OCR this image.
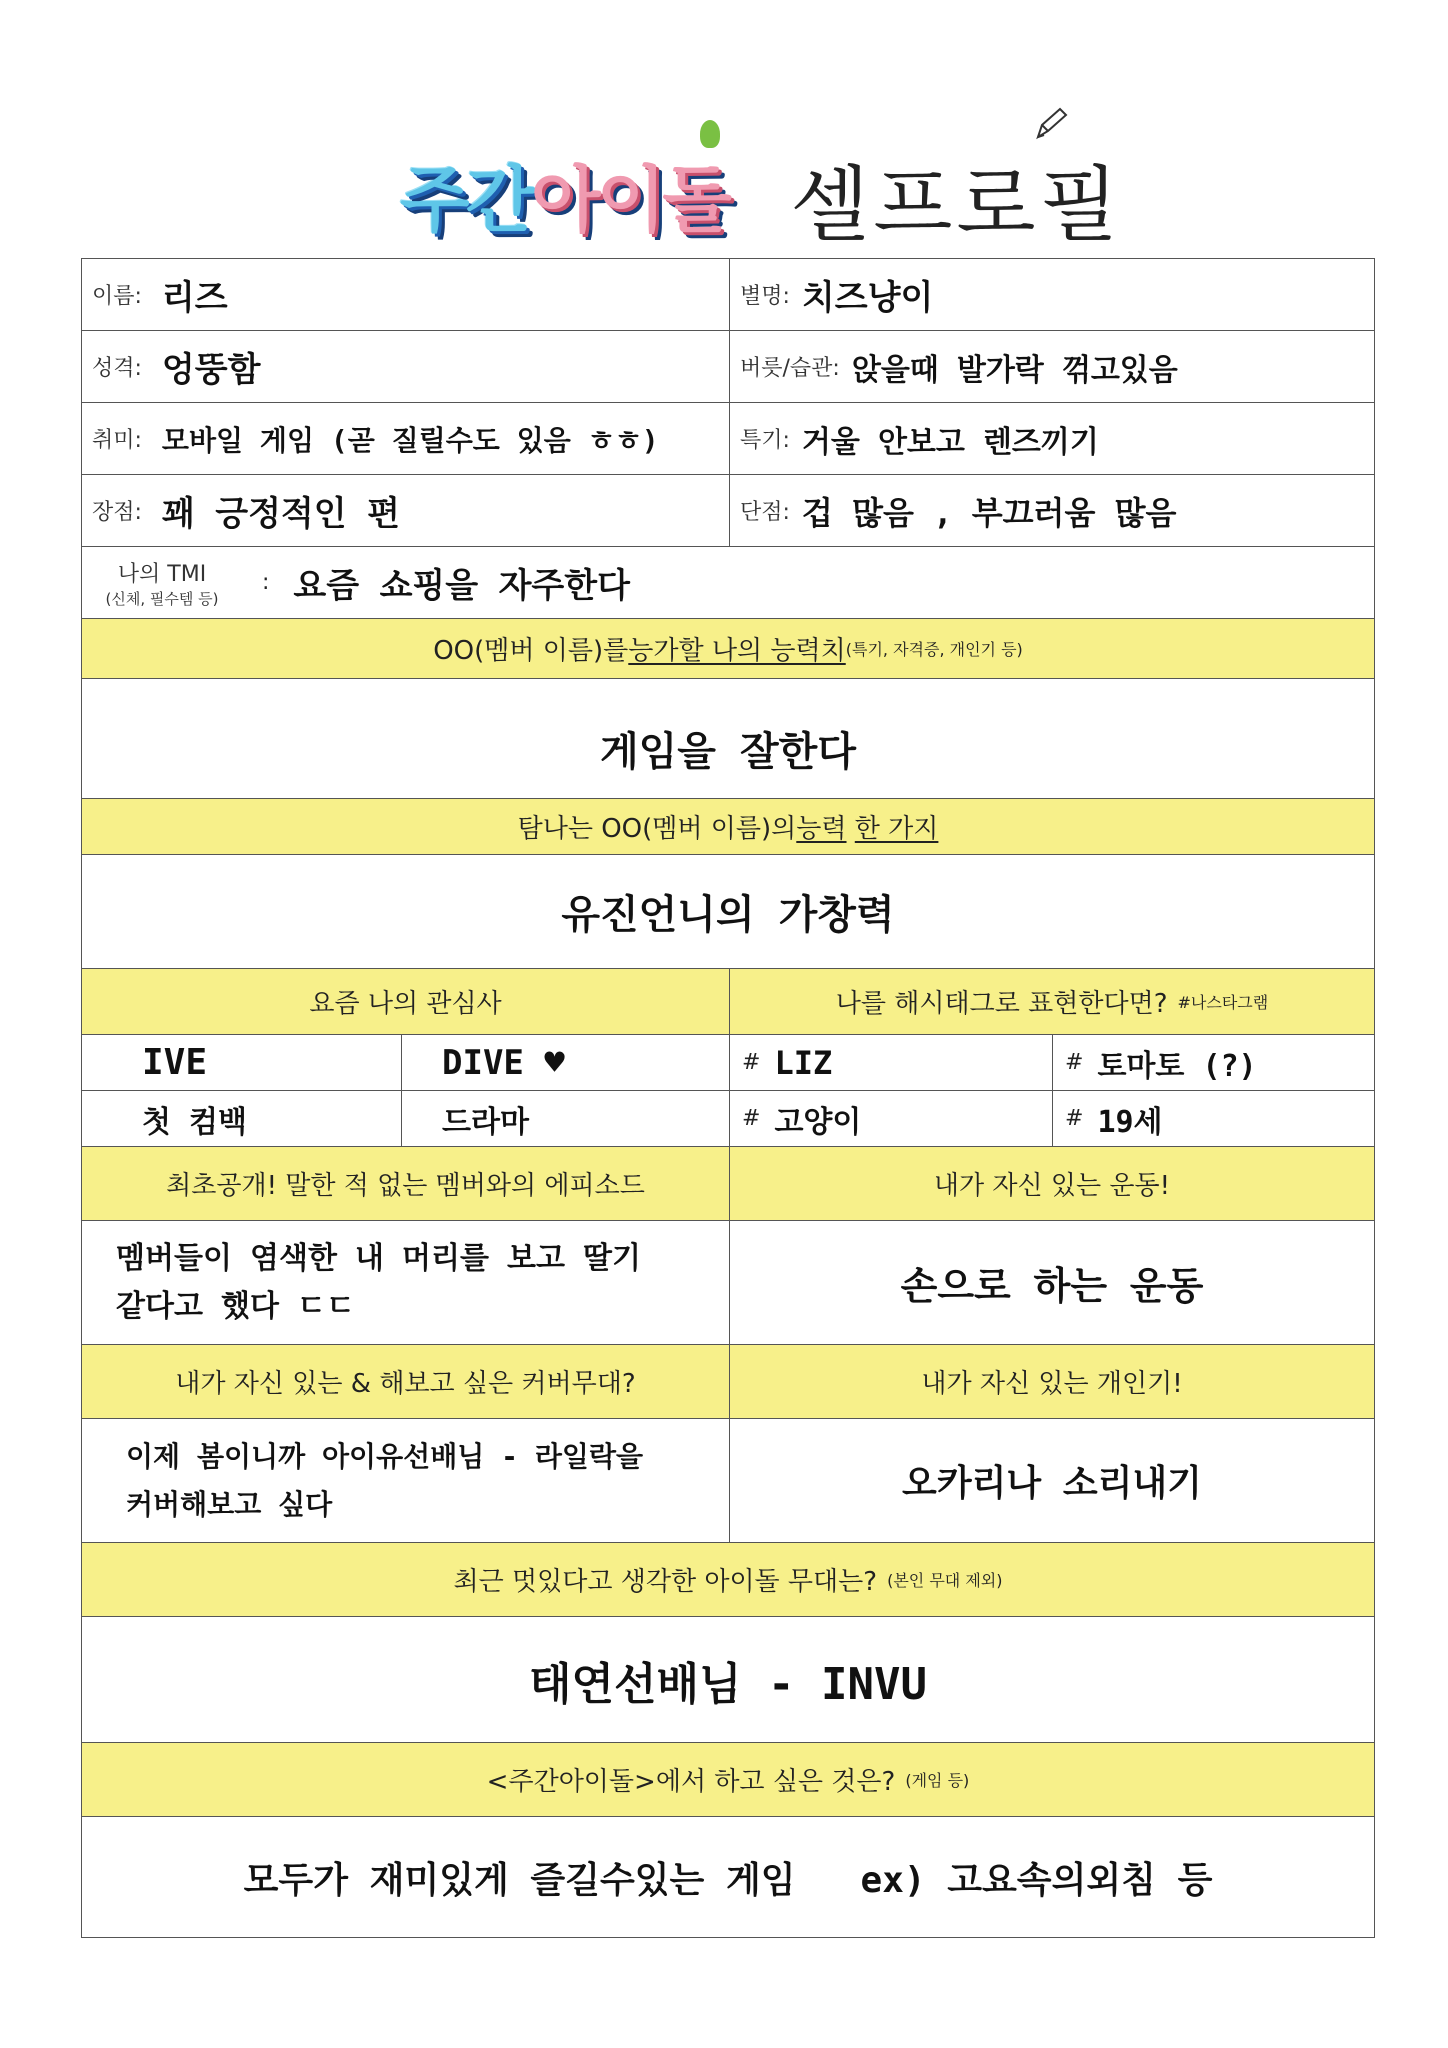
주간아이돌 셀프로필
이름: 리즈	별명: 치즈냥이
성격: 엉뚱함	버릇/습관: 앉을때 발가락 꺾고있음
취미: 모바일 게임 (곧 질릴수도 있음 ㅎㅎ)	특기: 거울 안보고 렌즈끼기
장점: 꽤 긍정적인 편	단점: 겁 많음 , 부끄러움 많음
나의 TMI
(신체, 필수템 등)
: 요즘 쇼핑을 자주한다
OO(멤버 이름)를 능가할 나의 능력치 (특기, 자격증, 개인기 등)
게임을 잘한다
탐나는 OO(멤버 이름)의 능력
한 가지
유진언니의 가창력
요즘 나의 관심사	나를 해시태그로 표현한다면? #나스타그램
IVE	DIVE ♥	# LIZ	# 토마토 (?)
첫 컴백	드라마	# 고양이	# 19세
최초공개! 말한 적 없는 멤버와의 에피소드	내가 자신 있는 운동!
멤버들이 염색한 내 머리를 보고 딸기
같다고 했다 ㄷㄷ	손으로 하는 운동
내가 자신 있는 & 해보고 싶은 커버무대?	내가 자신 있는 개인기!
이제 봄이니까 아이유선배님 - 라일락을
커버해보고 싶다	오카리나 소리내기
최근 멋있다고 생각한 아이돌 무대는? (본인 무대 제외)
태연선배님 - INVU
<주간아이돌>에서 하고 싶은 것은? (게임 등)
모두가 재미있게 즐길수있는 게임   ex) 고요속의외침 등
